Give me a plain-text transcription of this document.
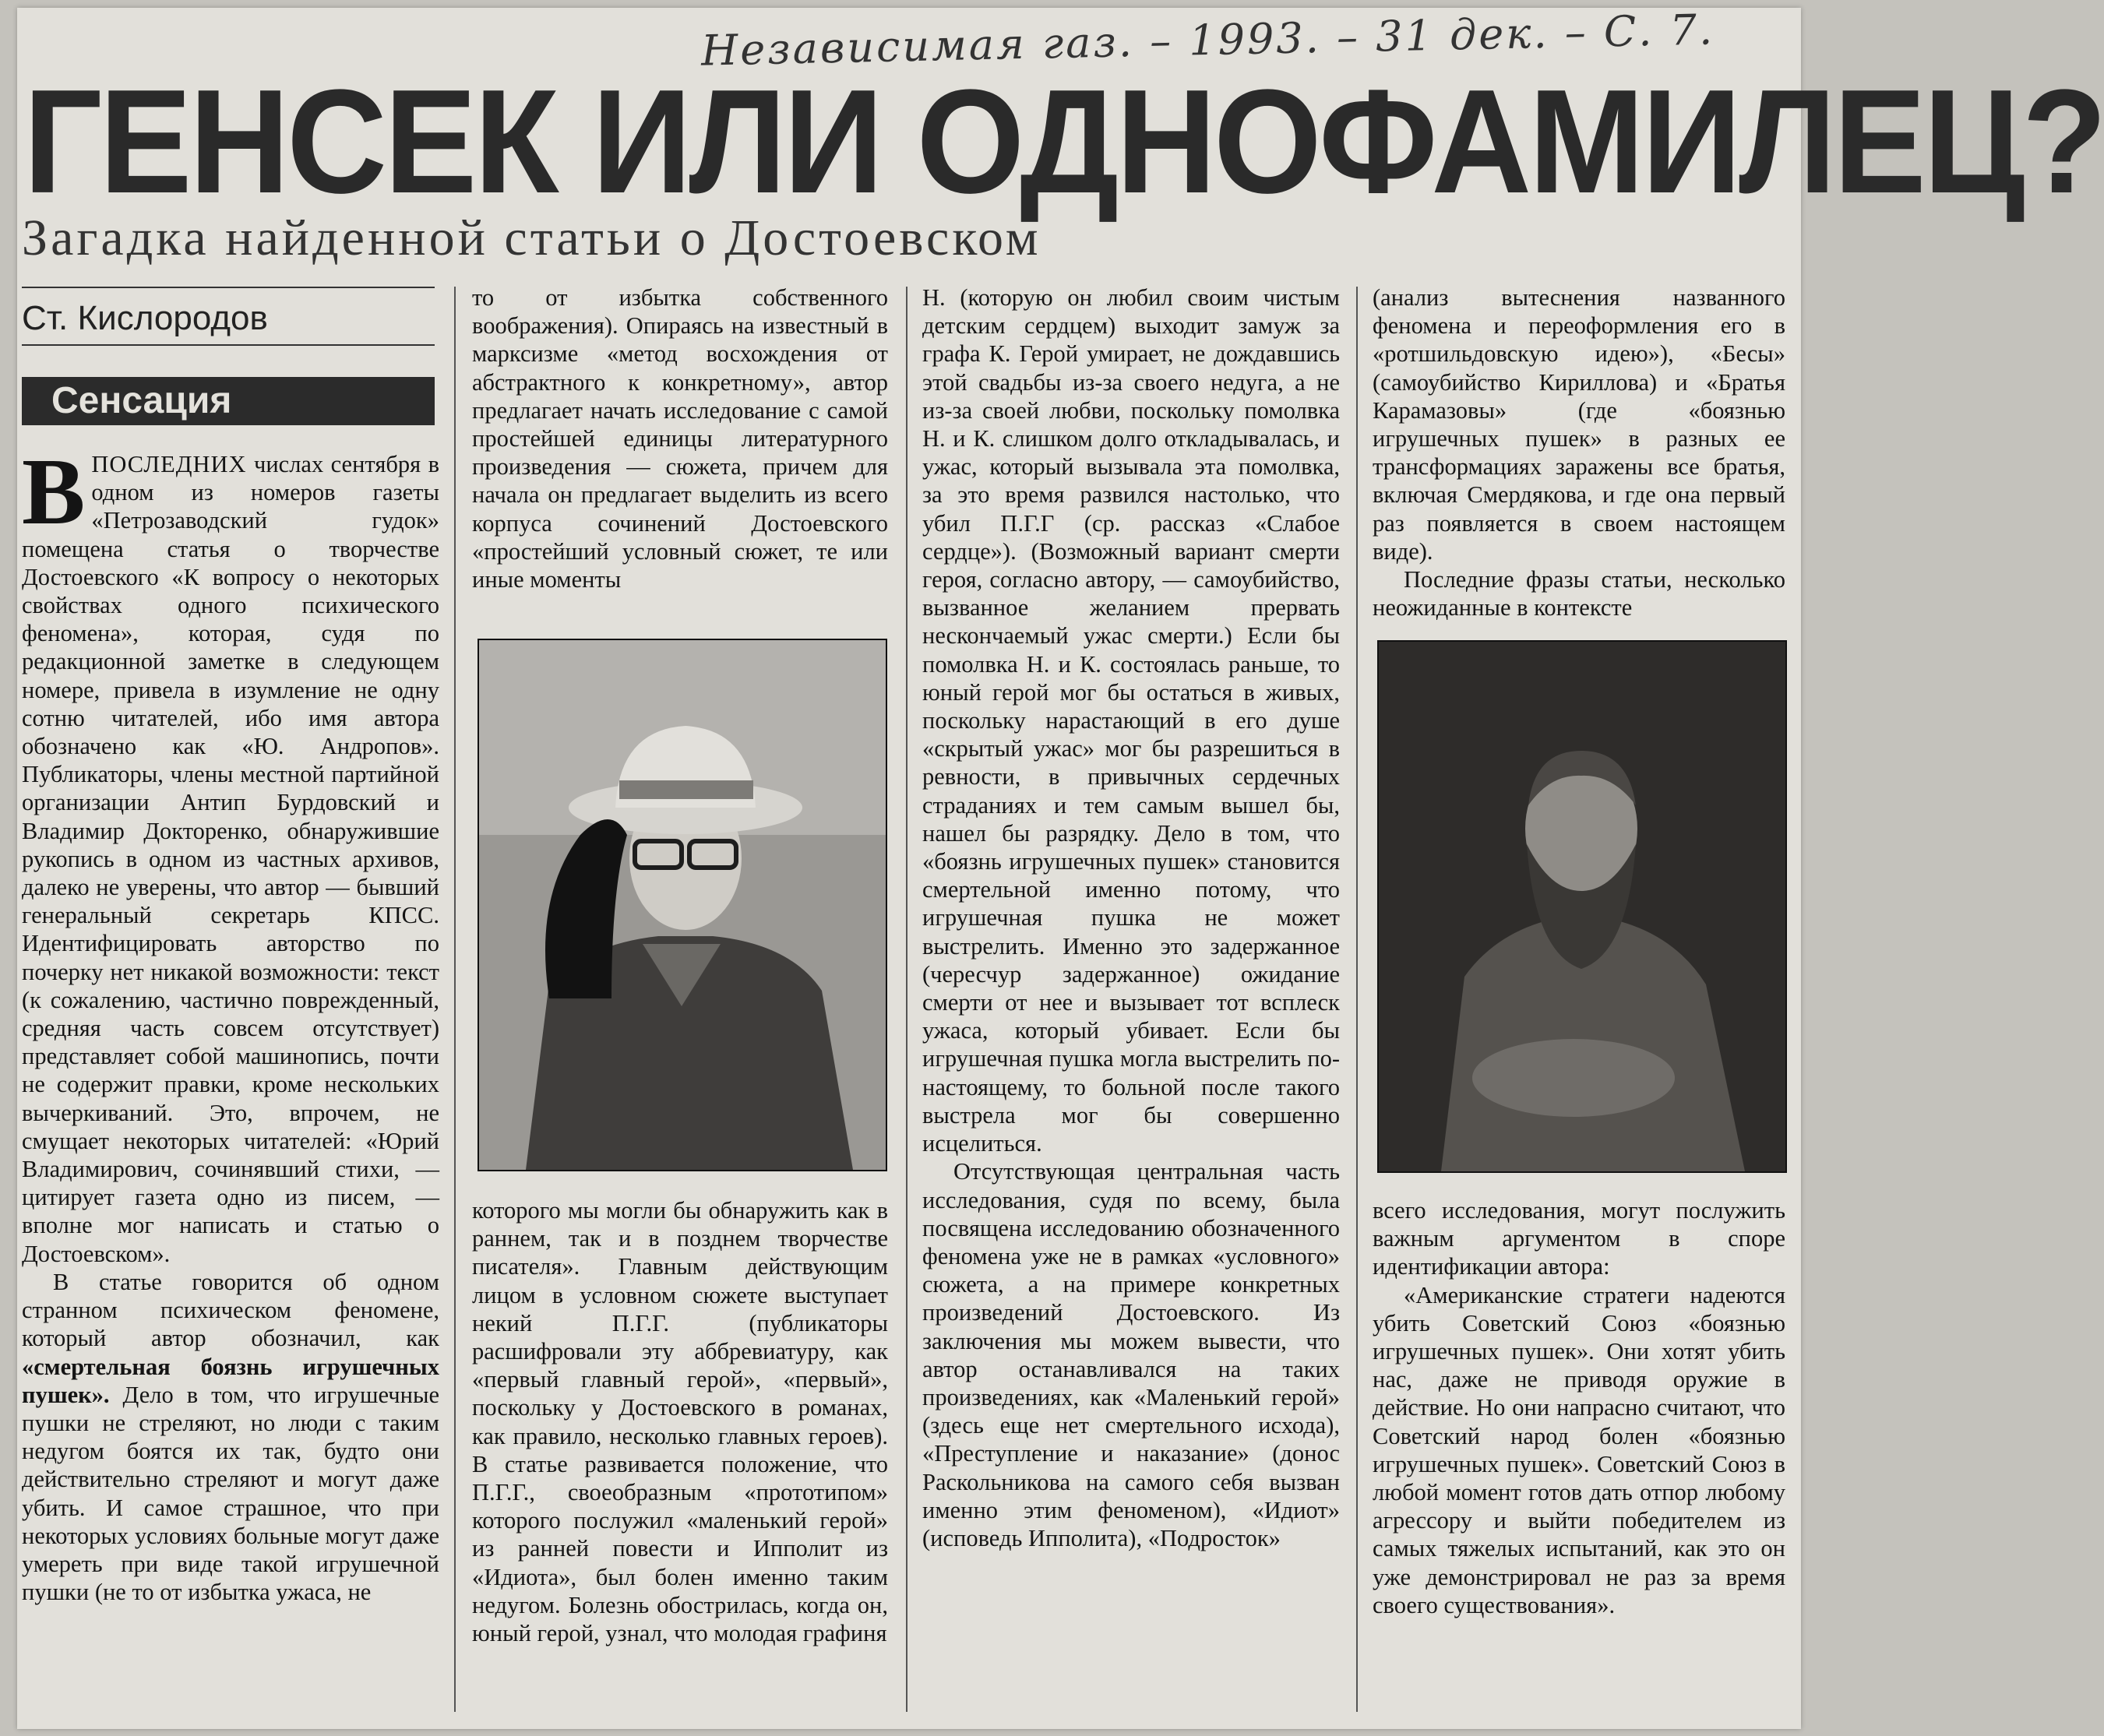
Независимая газ. – 1993. – 31 дек. – С. 7.
ГЕНСЕК ИЛИ ОДНОФАМИЛЕЦ?
Загадка найденной статьи о Достоевском
Ст. Кислородов
Сенсация

ВПОСЛЕДНИХ числах сентября в одном из номеров газеты «Петрозаводский гудок» помещена статья о творчестве Достоевского «К вопросу о некоторых свойствах одного психического феномена», которая, судя по редакционной заметке в следующем номере, привела в изумление не одну сотню читателей, ибо имя автора обозначено как «Ю. Андропов». Публикаторы, члены местной партийной организации Антип Бурдовский и Владимир Докторенко, обнаружившие рукопись в одном из частных архивов, далеко не уверены, что автор — бывший генеральный секретарь КПСС. Идентифицировать авторство по почерку нет никакой возможности: текст (к сожалению, частично поврежденный, средняя часть совсем отсутствует) представляет собой машинопись, почти не содержит правки, кроме нескольких вычеркиваний. Это, впрочем, не смущает некоторых читателей: «Юрий Владимирович, сочинявший стихи, — цитирует газета одно из писем, — вполне мог написать и статью о Достоевском».

В статье говорится об одном странном психическом феномене, который автор обозначил, как «смертельная боязнь игрушечных пушек». Дело в том, что игрушечные пушки не стреляют, но люди с таким недугом боятся их так, будто они действительно стреляют и могут даже убить. И самое страшное, что при некоторых условиях больные могут даже умереть при виде такой игрушечной пушки (не то от избытка ужаса, не

то от избытка собственного воображения). Опираясь на известный в марксизме «метод восхождения от абстрактного к конкретному», автор предлагает начать исследование с самой простейшей единицы литературного произведения — сюжета, причем для начала он предлагает выделить из всего корпуса сочинений Достоевского «простейший условный сюжет, те или иные моменты

которого мы могли бы обнаружить как в раннем, так и в позднем творчестве писателя». Главным действующим лицом в условном сюжете выступает некий П.Г.Г. (публикаторы расшифровали эту аббревиатуру, как «первый главный герой», «первый», поскольку у Достоевского в романах, как правило, несколько главных героев). В статье развивается положение, что П.Г.Г., своеобразным «прототипом» которого послужил «маленький герой» из ранней повести и Ипполит из «Идиота», был болен именно таким недугом. Болезнь обострилась, когда он, юный герой, узнал, что молодая графиня

Н. (которую он любил своим чистым детским сердцем) выходит замуж за графа К. Герой умирает, не дождавшись этой свадьбы из-за своего недуга, а не из-за своей любви, поскольку помолвка Н. и К. слишком долго откладывалась, и ужас, который вызывала эта помолвка, за это время развился настолько, что убил П.Г.Г (ср. рассказ «Слабое сердце»). (Возможный вариант смерти героя, согласно автору, — самоубийство, вызванное желанием прервать нескончаемый ужас смерти.) Если бы помолвка Н. и К. состоялась раньше, то юный герой мог бы остаться в живых, поскольку нарастающий в его душе «скрытый ужас» мог бы разрешиться в ревности, в привычных сердечных страданиях и тем самым вышел бы, нашел бы разрядку. Дело в том, что «боязнь игрушечных пушек» становится смертельной именно потому, что игрушечная пушка не может выстрелить. Именно это задержанное (чересчур задержанное) ожидание смерти от нее и вызывает тот всплеск ужаса, который убивает. Если бы игрушечная пушка могла выстрелить по-настоящему, то больной после такого выстрела мог бы совершенно исцелиться.

Отсутствующая центральная часть исследования, судя по всему, была посвящена исследованию обозначенного феномена уже не в рамках «условного» сюжета, а на примере конкретных произведений Достоевского. Из заключения мы можем вывести, что автор останавливался на таких произведениях, как «Маленький герой» (здесь еще нет смертельного исхода), «Преступление и наказание» (донос Раскольникова на самого себя вызван именно этим феноменом), «Идиот» (исповедь Ипполита), «Подросток»

(анализ вытеснения названного феномена и переоформления его в «ротшильдовскую идею»), «Бесы» (самоубийство Кириллова) и «Братья Карамазовы» (где «боязнью игрушечных пушек» в разных ее трансформациях заражены все братья, включая Смердякова, и где она первый раз появляется в своем настоящем виде).

Последние фразы статьи, несколько неожиданные в контексте

всего исследования, могут послужить важным аргументом в споре идентификации автора:

«Американские стратеги надеются убить Советский Союз «боязнью игрушечных пушек». Они хотят убить нас, даже не приводя оружие в действие. Но они напрасно считают, что Советский народ болен «боязнью игрушечных пушек». Советский Союз в любой момент готов дать отпор любому агрессору и выйти победителем из самых тяжелых испытаний, как это он уже демонстрировал не раз за время своего существования».
